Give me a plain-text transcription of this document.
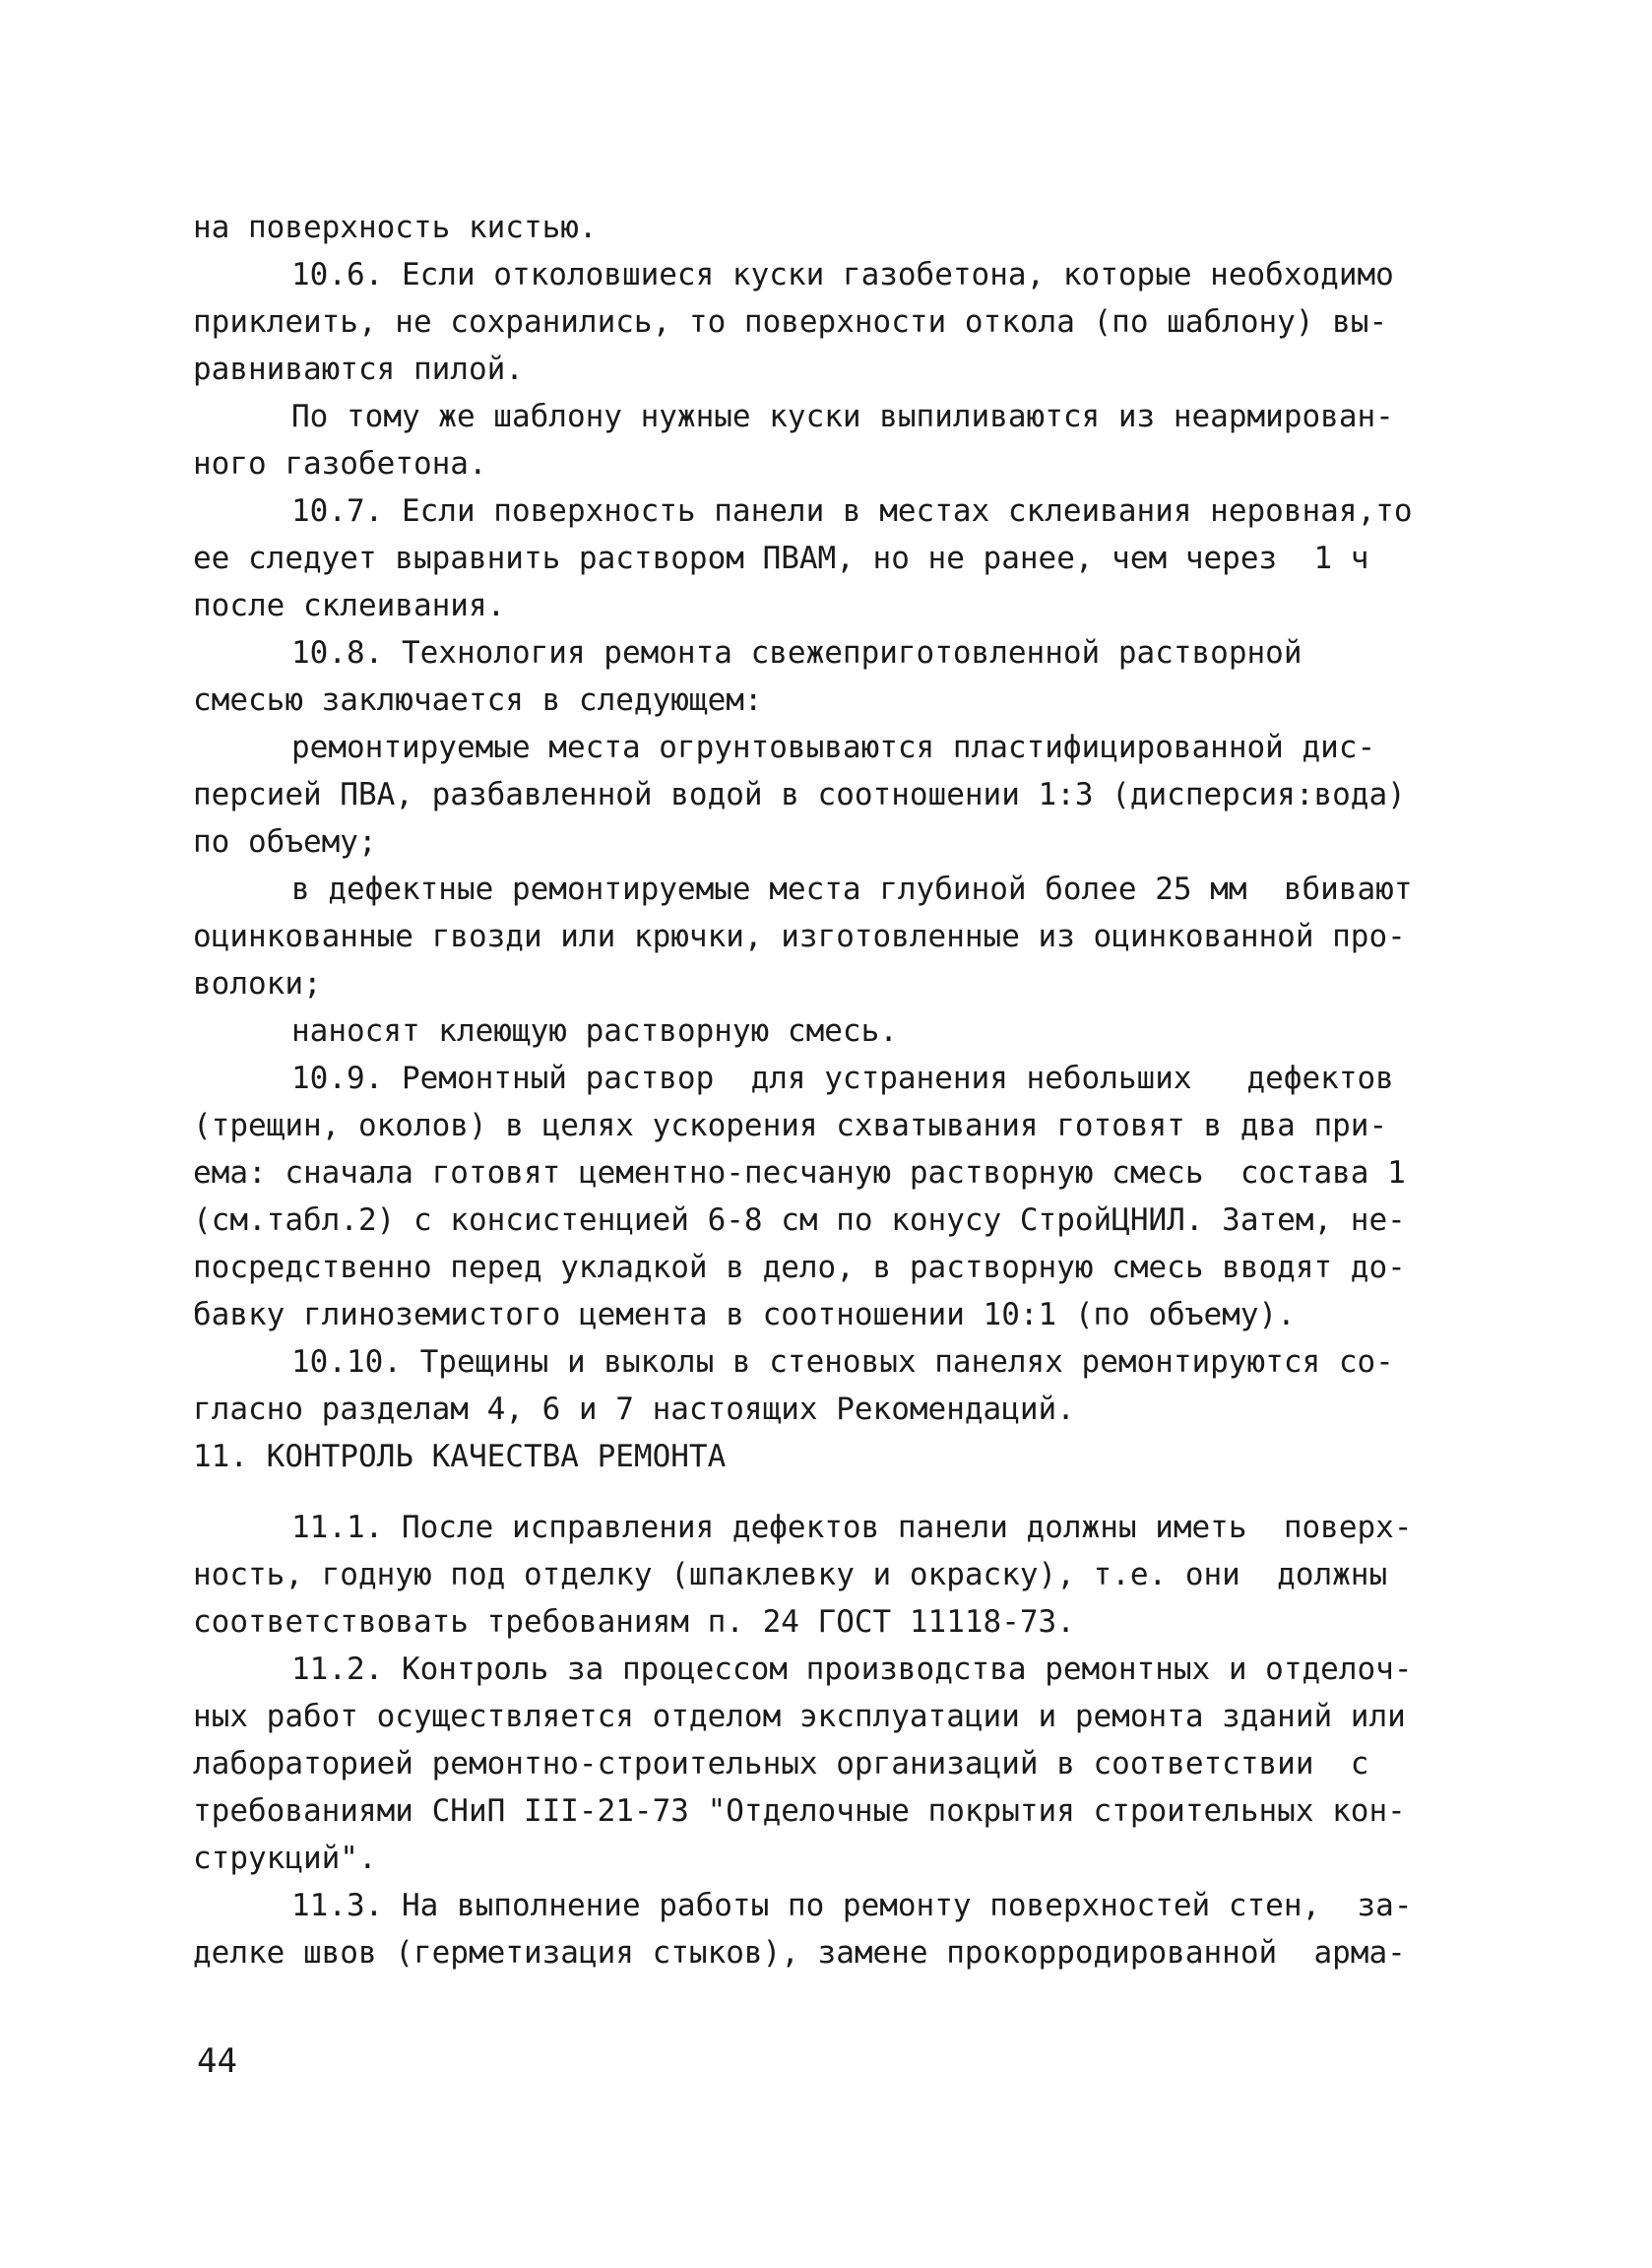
на поверхность кистью.
10.6. Если отколовшиеся куски газобетона, которые необходимо
приклеить, не сохранились, то поверхности откола (по шаблону) вы-
равниваются пилой.
По тому же шаблону нужные куски выпиливаются из неармирован-
ного газобетона.
10.7. Если поверхность панели в местах склеивания неровная,то
ее следует выравнить раствором ПВАМ, но не ранее, чем через  1 ч
после склеивания.
10.8. Технология ремонта свежеприготовленной растворной
смесью заключается в следующем:
ремонтируемые места огрунтовываются пластифицированной дис-
персией ПВА, разбавленной водой в соотношении 1:3 (дисперсия:вода)
по объему;
в дефектные ремонтируемые места глубиной более 25 мм  вбивают
оцинкованные гвозди или крючки, изготовленные из оцинкованной про-
волоки;
наносят клеющую растворную смесь.
10.9. Ремонтный раствор  для устранения небольших   дефектов
(трещин, околов) в целях ускорения схватывания готовят в два при-
ема: сначала готовят цементно-песчаную растворную смесь  состава 1
(см.табл.2) с консистенцией 6-8 см по конусу СтройЦНИЛ. Затем, не-
посредственно перед укладкой в дело, в растворную смесь вводят до-
бавку глиноземистого цемента в соотношении 10:1 (по объему).
10.10. Трещины и выколы в стеновых панелях ремонтируются со-
гласно разделам 4, 6 и 7 настоящих Рекомендаций.
11. КОНТРОЛЬ КАЧЕСТВА РЕМОНТА
11.1. После исправления дефектов панели должны иметь  поверх-
ность, годную под отделку (шпаклевку и окраску), т.е. они  должны
соответствовать требованиям п. 24 ГОСТ 11118-73.
11.2. Контроль за процессом производства ремонтных и отделоч-
ных работ осуществляется отделом эксплуатации и ремонта зданий или
лабораторией ремонтно-строительных организаций в соответствии  с
требованиями СНиП III-21-73 "Отделочные покрытия строительных кон-
струкций".
11.3. На выполнение работы по ремонту поверхностей стен,  за-
делке швов (герметизация стыков), замене прокорродированной  арма-
44
